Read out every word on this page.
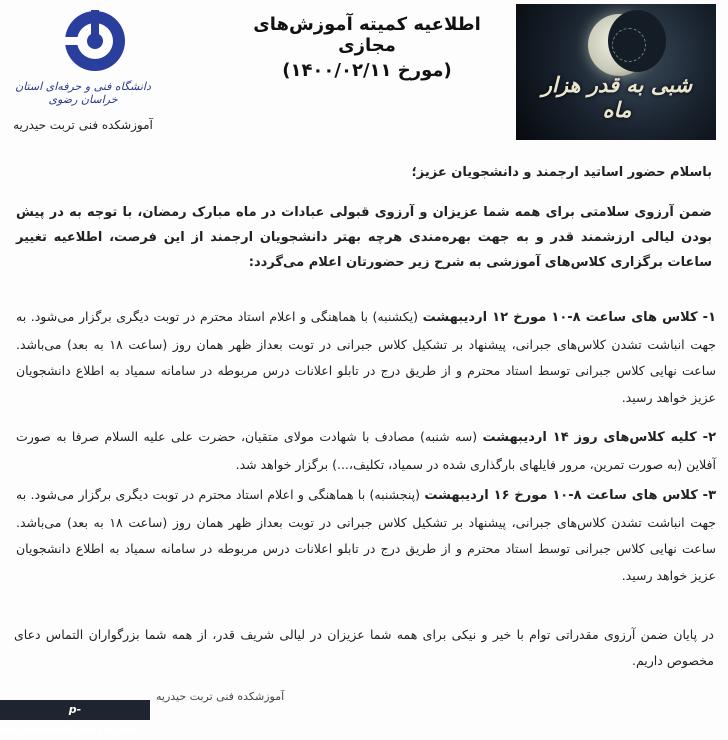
شبی به قدر هزار ماه
اطلاعیه کمیته آموزش‌های مجازی
(مورخ ۱۴۰۰/۰۲/۱۱)
دانشگاه فنی و حرفه‌ای استان خراسان رضوی
آموزشکده فنی تربت حیدریه
باسلام حضور اساتید ارجمند و دانشجویان عزیز؛
ضمن آرزوی سلامتی برای همه شما عزیزان و آرزوی قبولی عبادات در ماه مبارک رمضان، با توجه به در پیش بودن لیالی ارزشمند قدر و به جهت بهره‌مندی هرچه بهتر دانشجویان ارجمند از این فرصت، اطلاعیه تغییر ساعات برگزاری کلاس‌های آموزشی به شرح زیر حضورتان اعلام می‌گردد:
۱- کلاس های ساعت ۸-۱۰ مورخ ۱۲ اردیبهشت (یکشنبه) با هماهنگی و اعلام استاد محترم در توبت دیگری برگزار می‌شود. به جهت انباشت تشدن کلاس‌های جبرانی، پیشنهاد بر تشکیل کلاس جبرانی در توبت بعداز ظهر همان روز (ساعت ۱۸ به بعد) می‌باشد. ساعت نهایی کلاس جبرانی توسط استاد محترم و از طریق درج در تابلو اعلانات درس مربوطه در سامانه سمیاد به اطلاع دانشجویان عزیز خواهد رسید.
۲- کلیه کلاس‌های روز ۱۴ اردیبهشت (سه شنبه) مصادف با شهادت مولای متقیان، حضرت علی علیه السلام صرفا به صورت آفلاین (به صورت تمرین، مرور فایلهای بارگذاری شده در سمیاد، تکلیف،...) برگزار خواهد شد.
۳- کلاس های ساعت ۸-۱۰ مورخ ۱۶ اردیبهشت (پنجشنبه) با هماهنگی و اعلام استاد محترم در توبت دیگری برگزار می‌شود. به جهت انباشت تشدن کلاس‌های جبرانی، پیشنهاد بر تشکیل کلاس جبرانی در توبت بعداز ظهر همان روز (ساعت ۱۸ به بعد) می‌باشد. ساعت نهایی کلاس جبرانی توسط استاد محترم و از طریق درج در تابلو اعلانات درس مربوطه در سامانه سمیاد به اطلاع دانشجویان عزیز خواهد رسید.
در پایان ضمن آرزوی مقدراتی توام با خیر و نیکی برای همه شما عزیزان در لیالی شریف قدر، از همه شما بزرگواران التماس دعای مخصوص داریم.
آموزشکده فنی تربت حیدریه
p-torbatheidarye.tvu.ac.ir
